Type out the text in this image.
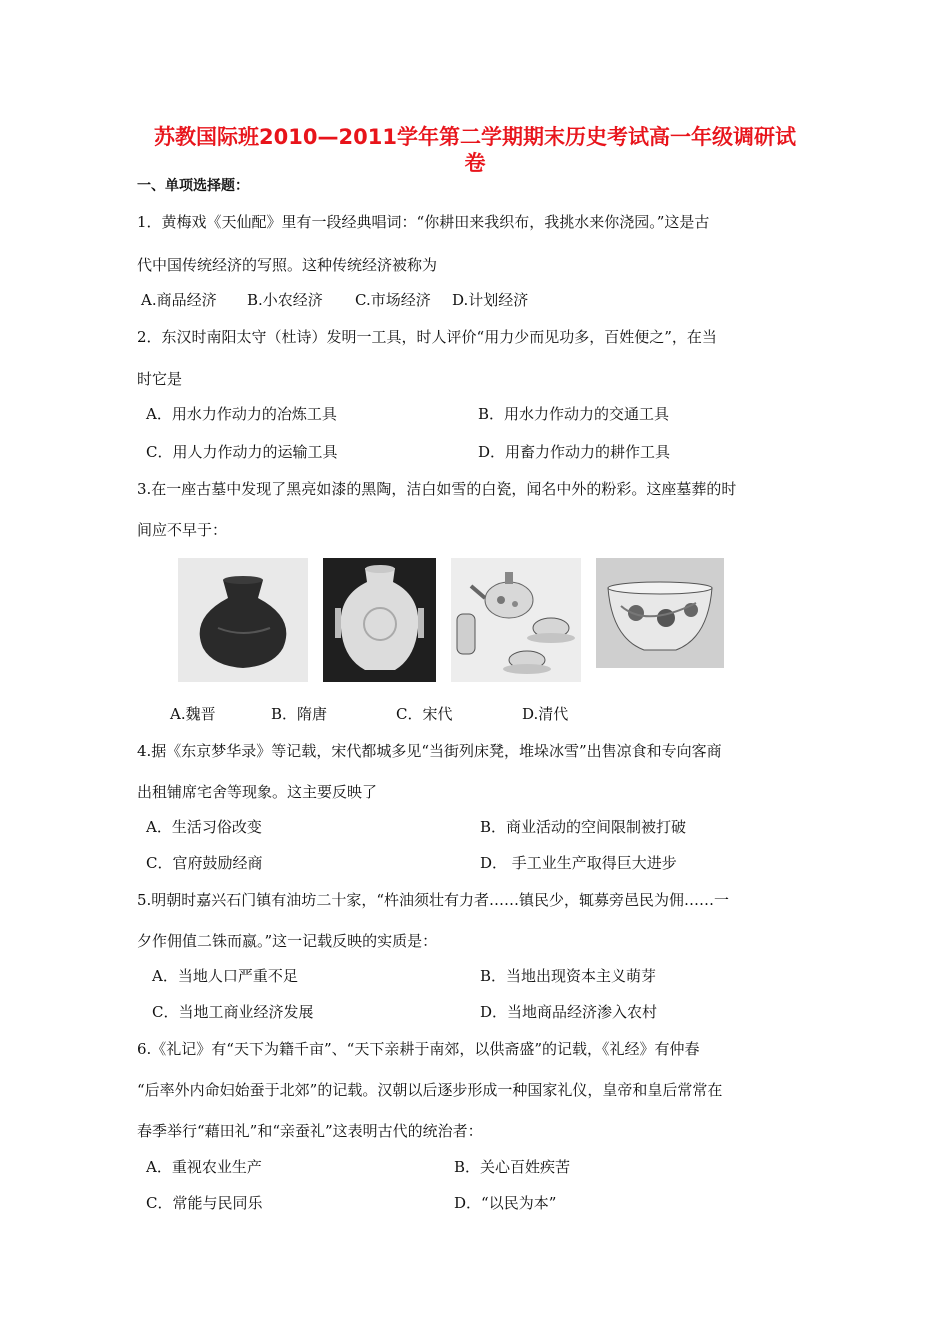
苏教国际班2010—2011学年第二学期期末历史考试高一年级调研试
卷
一、单项选择题：
1．黄梅戏《天仙配》里有一段经典唱词：“你耕田来我织布，我挑水来你浇园。”这是古
代中国传统经济的写照。这种传统经济被称为
A.商品经济 B.小农经济 C.市场经济 D.计划经济
2．东汉时南阳太守（杜诗）发明一工具，时人评价“用力少而见功多，百姓便之”，在当
时它是
A．用水力作动力的冶炼工具	B．用水力作动力的交通工具
C．用人力作动力的运输工具	D．用畜力作动力的耕作工具
3.在一座古墓中发现了黑亮如漆的黑陶，洁白如雪的白瓷，闻名中外的粉彩。这座墓葬的时
间应不早于：
A.魏晋	B．隋唐	C．宋代	D.清代
4.据《东京梦华录》等记载，宋代都城多见“当街列床凳，堆垛冰雪”出售凉食和专向客商
出租铺席宅舍等现象。这主要反映了
A．生活习俗改变	B．商业活动的空间限制被打破
C．官府鼓励经商	D． 手工业生产取得巨大进步
5.明朝时嘉兴石门镇有油坊二十家，“杵油须壮有力者……镇民少，辄募旁邑民为佣……一
夕作佣值二铢而嬴。”这一记载反映的实质是：
A．当地人口严重不足	B．当地出现资本主义萌芽
C．当地工商业经济发展	D．当地商品经济渗入农村
6.《礼记》有“天下为籍千亩”、“天下亲耕于南郊，以供斋盛”的记载，《礼经》有仲春
“后率外内命妇始蚕于北郊”的记载。汉朝以后逐步形成一种国家礼仪，皇帝和皇后常常在
春季举行“藉田礼”和“亲蚕礼”这表明古代的统治者：
A．重视农业生产	B．关心百姓疾苦
C．常能与民同乐	D．“以民为本”
